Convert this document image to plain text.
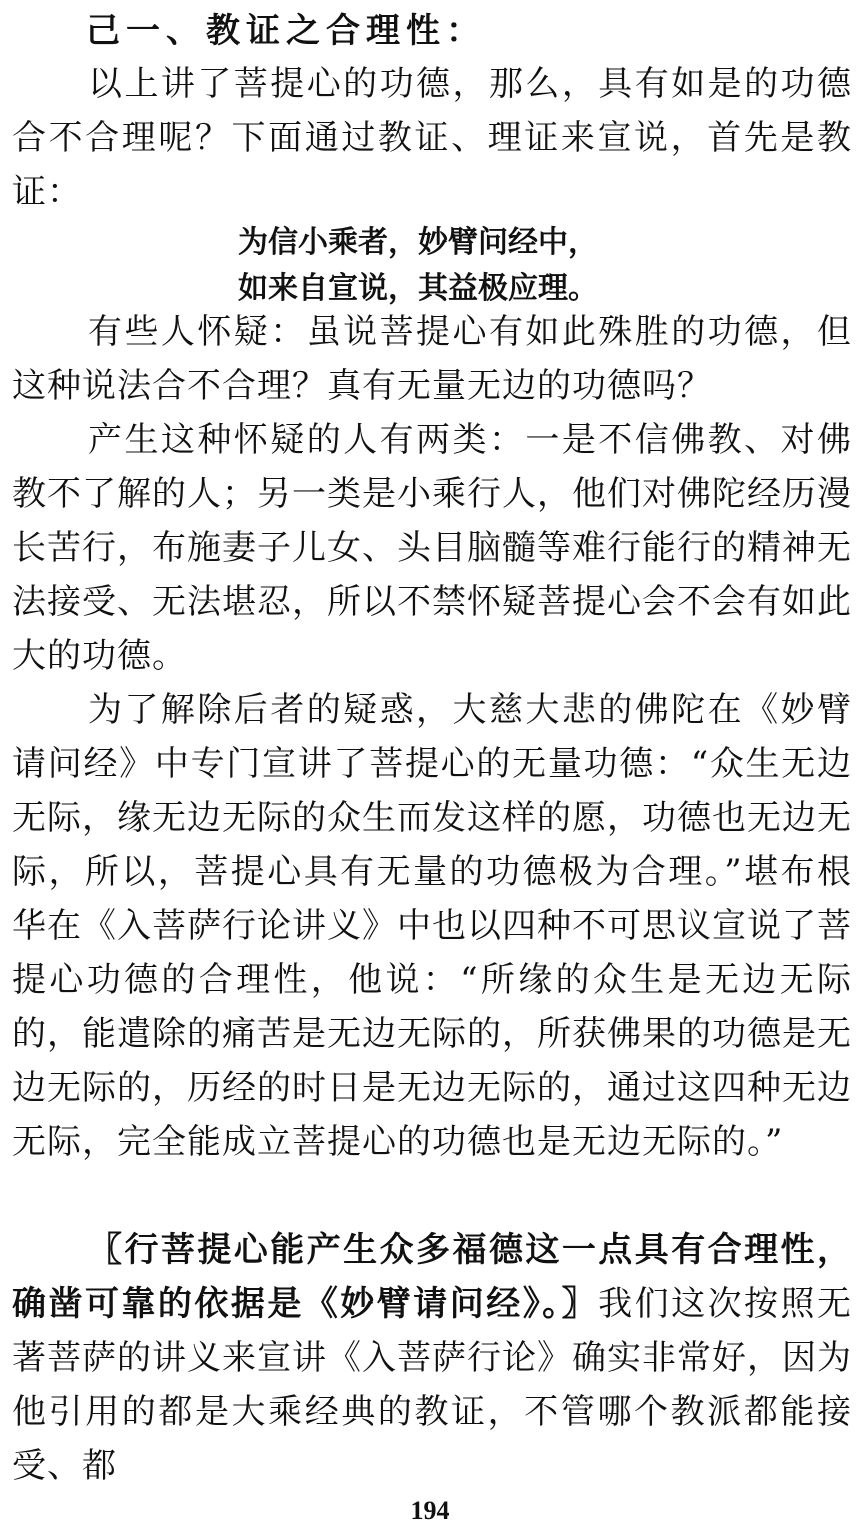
己一、教证之合理性：
以上讲了菩提心的功德，那么，具有如是的功德合不合理呢？下面通过教证、理证来宣说，首先是教证：
为信小乘者，妙臂问经中，
如来自宣说，其益极应理。
有些人怀疑：虽说菩提心有如此殊胜的功德，但这种说法合不合理？真有无量无边的功德吗？
产生这种怀疑的人有两类：一是不信佛教、对佛教不了解的人；另一类是小乘行人，他们对佛陀经历漫长苦行，布施妻子儿女、头目脑髓等难行能行的精神无法接受、无法堪忍，所以不禁怀疑菩提心会不会有如此大的功德。
为了解除后者的疑惑，大慈大悲的佛陀在《妙臂请问经》中专门宣讲了菩提心的无量功德：“众生无边无际，缘无边无际的众生而发这样的愿，功德也无边无际，所以，菩提心具有无量的功德极为合理。”堪布根华在《入菩萨行论讲义》中也以四种不可思议宣说了菩提心功德的合理性，他说：“所缘的众生是无边无际的，能遣除的痛苦是无边无际的，所获佛果的功德是无边无际的，历经的时日是无边无际的，通过这四种无边无际，完全能成立菩提心的功德也是无边无际的。”
〖行菩提心能产生众多福德这一点具有合理性，确凿可靠的依据是《妙臂请问经》。〗我们这次按照无著菩萨的讲义来宣讲《入菩萨行论》确实非常好，因为他引用的都是大乘经典的教证，不管哪个教派都能接受、都
194
